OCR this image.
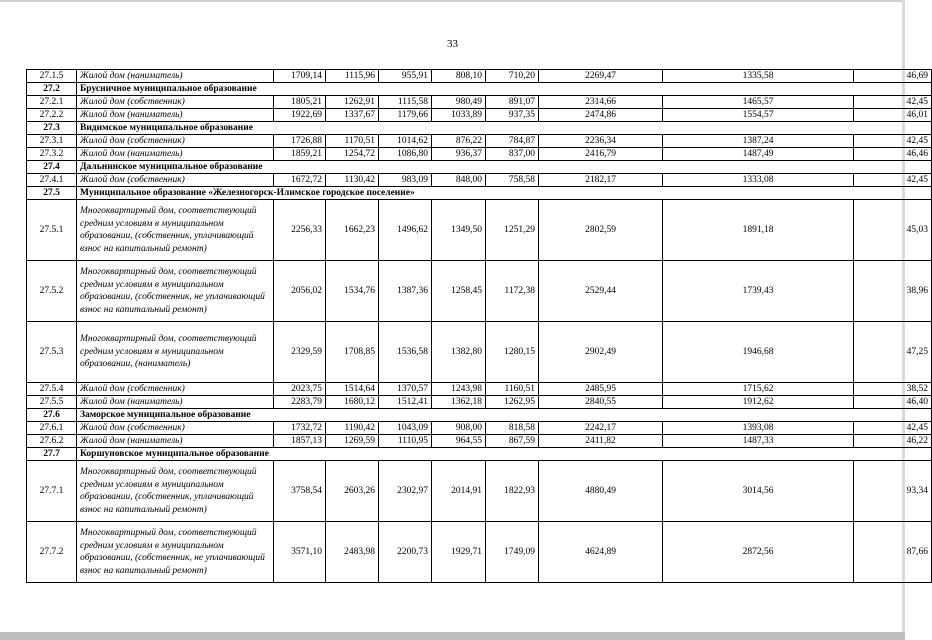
33
27.1.5	Жилой дом (наниматель)	1709,14	1115,96	955,91	808,10	710,20	2269,47	1335,58	46,69
27.2	Брусничное муниципальное образование								
27.2.1	Жилой дом (собственник)	1805,21	1262,91	1115,58	980,49	891,07	2314,66	1465,57	42,45
27.2.2	Жилой дом (наниматель)	1922,69	1337,67	1179,66	1033,89	937,35	2474,86	1554,57	46,01
27.3	Видимское муниципальное образование								
27.3.1	Жилой дом (собственник)	1726,88	1170,51	1014,62	876,22	784,87	2236,34	1387,24	42,45
27.3.2	Жилой дом (наниматель)	1859,21	1254,72	1086,80	936,37	837,00	2416,79	1487,49	46,46
27.4	Дальнинское муниципальное образование								
27.4.1	Жилой дом (собственник)	1672,72	1130,42	983,09	848,00	758,58	2182,17	1333,08	42,45
27.5	Муниципальное образование «Железногорск-Илимское городское поселение»								
27.5.1	Многоквартирный дом, соответствующий средним условиям в муниципальном образовании, (собственник, уплачивающий взнос на капитальный ремонт)	2256,33	1662,23	1496,62	1349,50	1251,29	2802,59	1891,18	45,03
27.5.2	Многоквартирный дом, соответствующий средним условиям в муниципальном образовании, (собственник, не уплачивающий взнос на капитальный ремонт)	2056,02	1534,76	1387,36	1258,45	1172,38	2529,44	1739,43	38,96
27.5.3	Многоквартирный дом, соответствующий средним условиям в муниципальном образовании, (наниматель)	2329,59	1708,85	1536,58	1382,80	1280,15	2902,49	1946,68	47,25
27.5.4	Жилой дом (собственник)	2023,75	1514,64	1370,57	1243,98	1160,51	2485,95	1715,62	38,52
27.5.5	Жилой дом (наниматель)	2283,79	1680,12	1512,41	1362,18	1262,95	2840,55	1912,62	46,40
27.6	Заморское муниципальное образование								
27.6.1	Жилой дом (собственник)	1732,72	1190,42	1043,09	908,00	818,58	2242,17	1393,08	42,45
27.6.2	Жилой дом (наниматель)	1857,13	1269,59	1110,95	964,55	867,59	2411,82	1487,33	46,22
27.7	Коршуновское муниципальное образование								
27.7.1	Многоквартирный дом, соответствующий средним условиям в муниципальном образовании, (собственник, уплачивающий взнос на капитальный ремонт)	3758,54	2603,26	2302,97	2014,91	1822,93	4880,49	3014,56	93,34
27.7.2	Многоквартирный дом, соответствующий средним условиям в муниципальном образовании, (собственник, не уплачивающий взнос на капитальный ремонт)	3571,10	2483,98	2200,73	1929,71	1749,09	4624,89	2872,56	87,66
